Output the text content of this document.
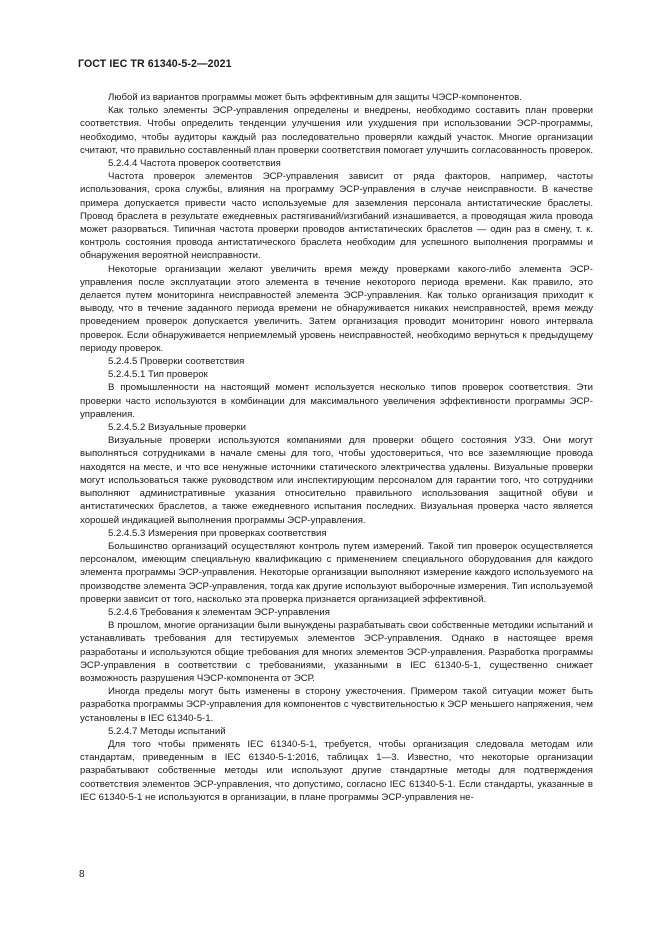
ГОСТ IEC TR 61340-5-2—2021

Любой из вариантов программы может быть эффективным для защиты ЧЭСР-компонентов.

Как только элементы ЭСР-управления определены и внедрены, необходимо составить план проверки соответствия. Чтобы определить тенденции улучшения или ухудшения при использовании ЭСР-программы, необходимо, чтобы аудиторы каждый раз последовательно проверяли каждый участок. Многие организации считают, что правильно составленный план проверки соответствия помогает улучшить согласованность проверок.

5.2.4.4 Частота проверок соответствия

Частота проверок элементов ЭСР-управления зависит от ряда факторов, например, частоты использования, срока службы, влияния на программу ЭСР-управления в случае неисправности. В качестве примера допускается привести часто используемые для заземления персонала антистатические браслеты. Провод браслета в результате ежедневных растягиваний/изгибаний изнашивается, а проводящая жила провода может разорваться. Типичная частота проверки проводов антистатических браслетов — один раз в смену, т. к. контроль состояния провода антистатического браслета необходим для успешного выполнения программы и обнаружения вероятной неисправности.

Некоторые организации желают увеличить время между проверками какого-либо элемента ЭСР-управления после эксплуатации этого элемента в течение некоторого периода времени. Как правило, это делается путем мониторинга неисправностей элемента ЭСР-управления. Как только организация приходит к выводу, что в течение заданного периода времени не обнаруживается никаких неисправностей, время между проведением проверок допускается увеличить. Затем организация проводит мониторинг нового интервала проверок. Если обнаруживается неприемлемый уровень неисправностей, необходимо вернуться к предыдущему периоду проверок.

5.2.4.5 Проверки соответствия

5.2.4.5.1 Тип проверок

В промышленности на настоящий момент используется несколько типов проверок соответствия. Эти проверки часто используются в комбинации для максимального увеличения эффективности программы ЭСР-управления.

5.2.4.5.2 Визуальные проверки

Визуальные проверки используются компаниями для проверки общего состояния УЗЭ. Они могут выполняться сотрудниками в начале смены для того, чтобы удостовериться, что все заземляющие провода находятся на месте, и что все ненужные источники статического электричества удалены. Визуальные проверки могут использоваться также руководством или инспектирующим персоналом для гарантии того, что сотрудники выполняют административные указания относительно правильного использования защитной обуви и антистатических браслетов, а также ежедневного испытания последних. Визуальная проверка часто является хорошей индикацией выполнения программы ЭСР-управления.

5.2.4.5.3 Измерения при проверках соответствия

Большинство организаций осуществляют контроль путем измерений. Такой тип проверок осуществляется персоналом, имеющим специальную квалификацию с применением специального оборудования для каждого элемента программы ЭСР-управления. Некоторые организации выполняют измерение каждого используемого на производстве элемента ЭСР-управления, тогда как другие используют выборочные измерения. Тип используемой проверки зависит от того, насколько эта проверка признается организацией эффективной.

5.2.4.6 Требования к элементам ЭСР-управления

В прошлом, многие организации были вынуждены разрабатывать свои собственные методики испытаний и устанавливать требования для тестируемых элементов ЭСР-управления. Однако в настоящее время разработаны и используются общие требования для многих элементов ЭСР-управления. Разработка программы ЭСР-управления в соответствии с требованиями, указанными в IEC 61340-5-1, существенно снижает возможность разрушения ЧЭСР-компонента от ЭСР.

Иногда пределы могут быть изменены в сторону ужесточения. Примером такой ситуации может быть разработка программы ЭСР-управления для компонентов с чувствительностью к ЭСР меньшего напряжения, чем установлены в IEC 61340-5-1.

5.2.4.7 Методы испытаний

Для того чтобы применять IEC 61340-5-1, требуется, чтобы организация следовала методам или стандартам, приведенным в IEC 61340-5-1:2016, таблицах 1—3. Известно, что некоторые организации разрабатывают собственные методы или используют другие стандартные методы для подтверждения соответствия элементов ЭСР-управления, что допустимо, согласно IEC 61340-5-1. Если стандарты, указанные в IEC 61340-5-1 не используются в организации, в плане программы ЭСР-управления не-

8
